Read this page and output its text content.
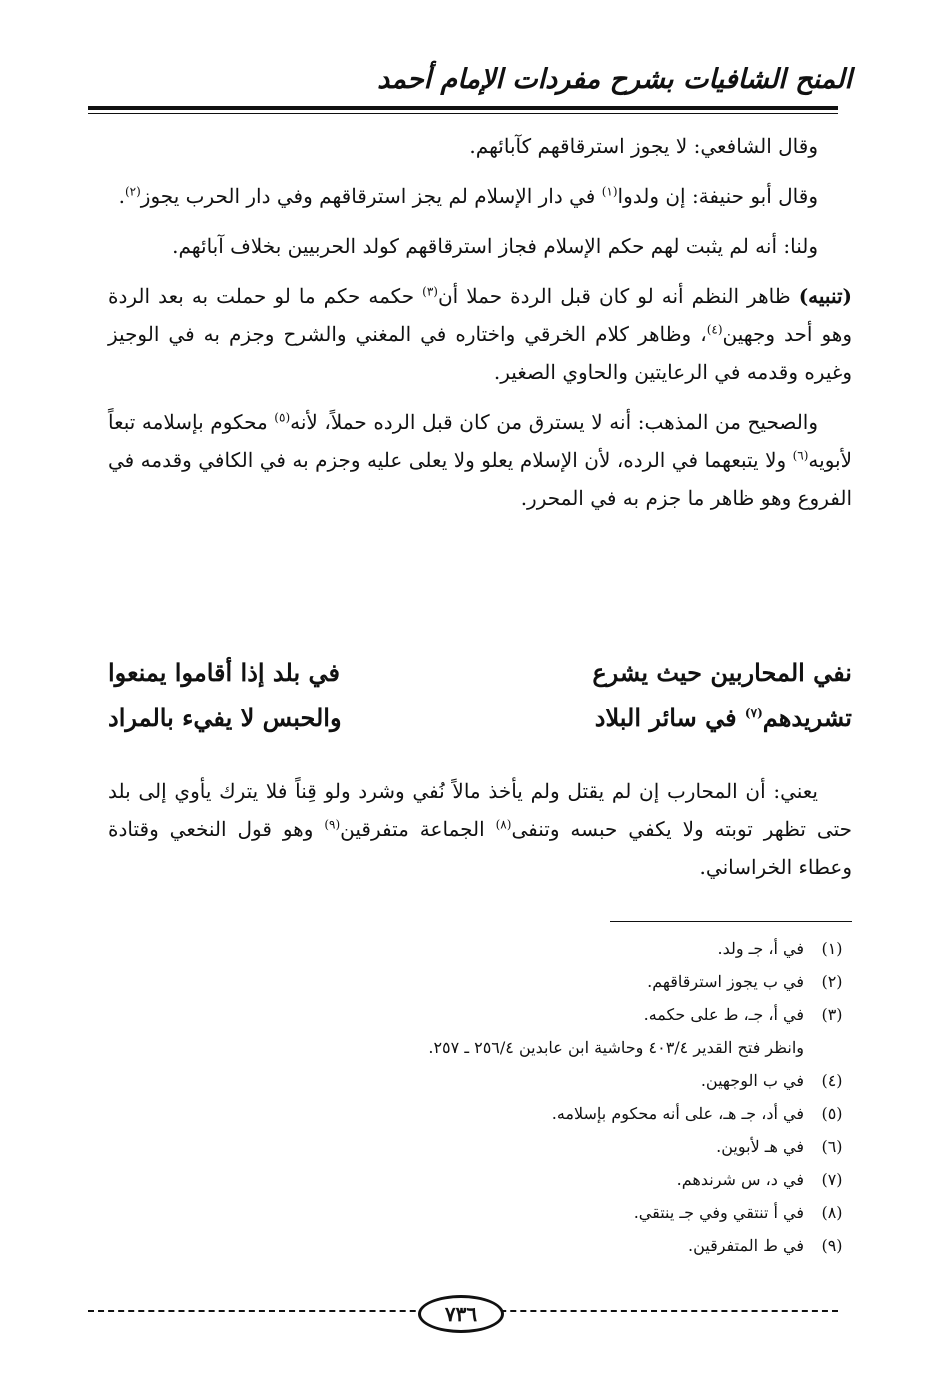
المنح الشافيات بشرح مفردات الإمام أحمد

وقال الشافعي: لا يجوز استرقاقهم كآبائهم.

وقال أبو حنيفة: إن ولدوا$^{(١)}$ في دار الإسلام لم يجز استرقاقهم وفي دار الحرب يجوز$^{(٢)}$.

ولنا: أنه لم يثبت لهم حكم الإسلام فجاز استرقاقهم كولد الحربيين بخلاف آبائهم.

(تنبيه) ظاهر النظم أنه لو كان قبل الردة حملا أن$^{(٣)}$ حكمه حكم ما لو حملت به بعد الردة وهو أحد وجهين$^{(٤)}$، وظاهر كلام الخرقي واختاره في المغني والشرح وجزم به في الوجيز وغيره وقدمه في الرعايتين والحاوي الصغير.

والصحيح من المذهب: أنه لا يسترق من كان قبل الرده حملاً، لأنه$^{(٥)}$ محكوم بإسلامه تبعاً لأبويه$^{(٦)}$ ولا يتبعهما في الرده، لأن الإسلام يعلو ولا يعلى عليه وجزم به في الكافي وقدمه في الفروع وهو ظاهر ما جزم به في المحرر.

نفي المحاربين حيث يشرع
في بلد إذا أقاموا يمنعوا
تشريدهم$^{(٧)}$ في سائر البلاد
والحبس لا يفيء بالمراد

يعني: أن المحارب إن لم يقتل ولم يأخذ مالاً نُفي وشرد ولو قِناً فلا يترك يأوي إلى بلد حتى تظهر توبته ولا يكفي حبسه وتنفى$^{(٨)}$ الجماعة متفرقين$^{(٩)}$ وهو قول النخعي وقتادة وعطاء الخراساني.

(١)
في أ، جـ ولد.
(٢)
في ب يجوز استرقاقهم.
(٣)
في أ، جـ، ط على حكمه.
وانظر فتح القدير ٤٠٣/٤ وحاشية ابن عابدين ٢٥٦/٤ ـ ٢٥٧.
(٤)
في ب الوجهين.
(٥)
في أد، جـ هـ، على أنه محكوم بإسلامه.
(٦)
في هـ لأبوين.
(٧)
في د، س شرندهم.
(٨)
في أ تنتقي وفي جـ ينتقي.
(٩)
في ط المتفرقين.
٧٣٦
